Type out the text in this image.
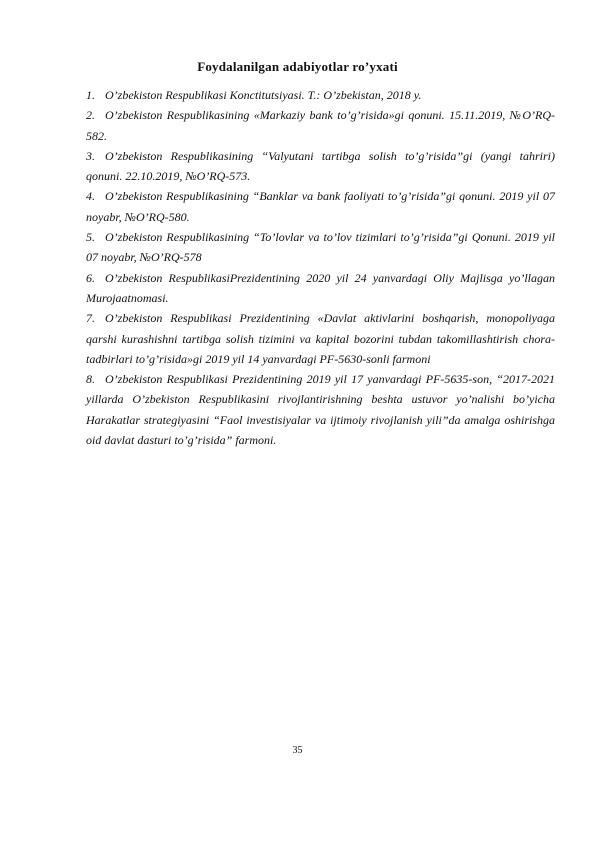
Foydalanilgan adabiyotlar ro’yxati
1. O’zbekiston Respublikasi Konctitutsiyasi. T.: O’zbekistan, 2018 y.
2. O’zbekiston Respublikasining «Markaziy bank to’g’risida»gi qonuni. 15.11.2019, №O’RQ-582.
3. O’zbekiston Respublikasining “Valyutani tartibga solish to’g’risida”gi (yangi tahriri) qonuni. 22.10.2019, №O’RQ-573.
4. O’zbekiston Respublikasining “Banklar va bank faoliyati to’g’risida”gi qonuni. 2019 yil 07 noyabr, №O’RQ-580.
5. O’zbekiston Respublikasining “To’lovlar va to’lov tizimlari to’g’risida”gi Qonuni. 2019 yil 07 noyabr, №O’RQ-578
6. O’zbekiston RespublikasiPrezidentining 2020 yil 24 yanvardagi Oliy Majlisga yo’llagan Murojaatnomasi.
7. O’zbekiston Respublikasi Prezidentining «Davlat aktivlarini boshqarish, monopoliyaga qarshi kurashishni tartibga solish tizimini va kapital bozorini tubdan takomillashtirish chora-tadbirlari to’g’risida»gi 2019 yil 14 yanvardagi PF-5630-sonli farmoni
8. O’zbekiston Respublikasi Prezidentining 2019 yil 17 yanvardagi PF-5635-son, “2017-2021 yillarda O’zbekiston Respublikasini rivojlantirishning beshta ustuvor yo’nalishi bo’yicha Harakatlar strategiyasini “Faol investisiyalar va ijtimoiy rivojlanish yili”da amalga oshirishga oid davlat dasturi to’g’risida” farmoni.
35
